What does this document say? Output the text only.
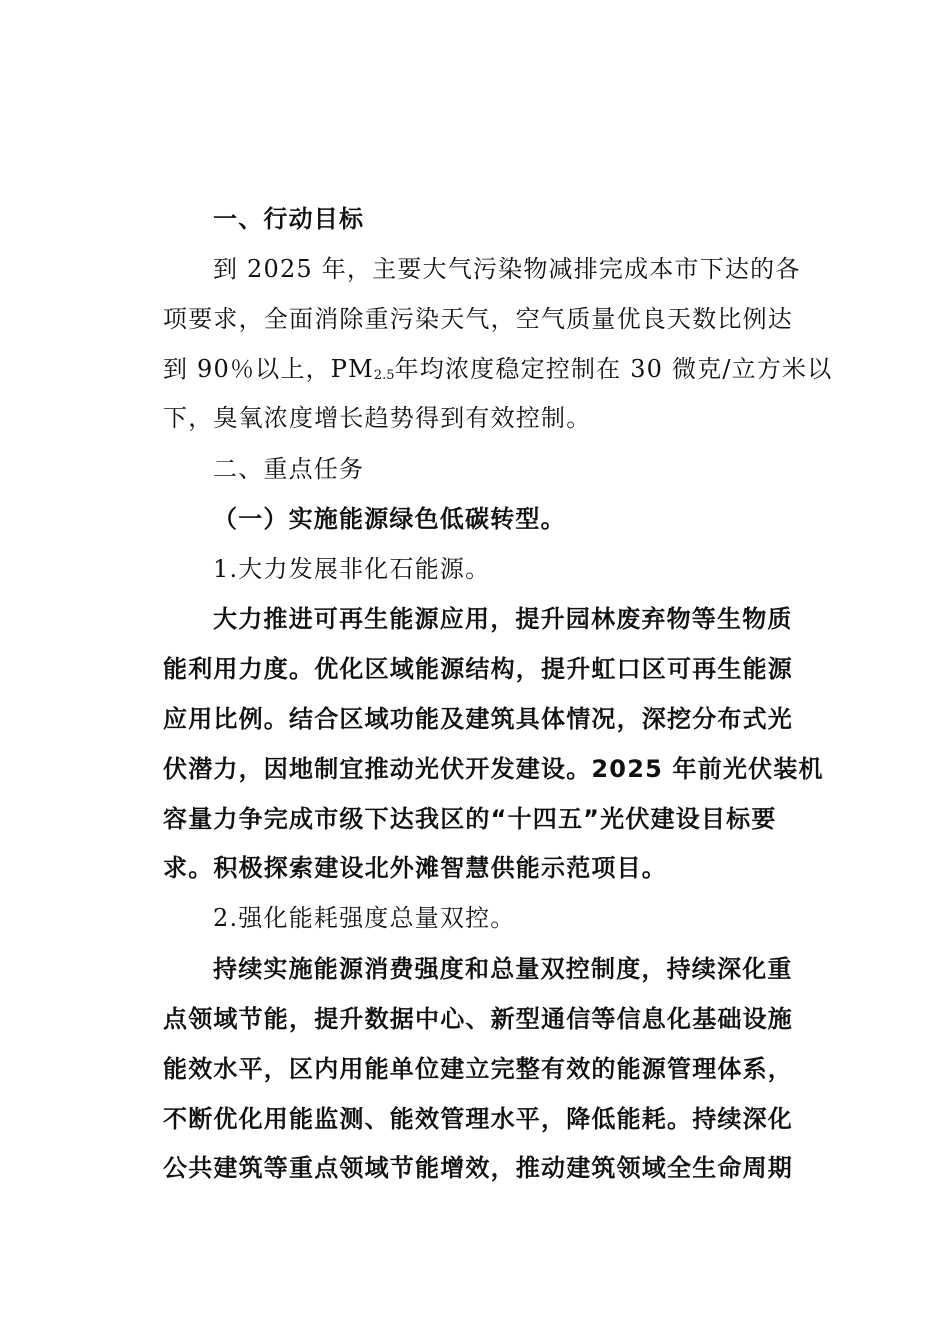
一、行动目标
到 2025 年，主要大气污染物减排完成本市下达的各
项要求，全面消除重污染天气，空气质量优良天数比例达
到 90％以上，PM2.5年均浓度稳定控制在 30 微克/立方米以
下，臭氧浓度增长趋势得到有效控制。
二、重点任务
（一）实施能源绿色低碳转型。
1.大力发展非化石能源。
大力推进可再生能源应用，提升园林废弃物等生物质
能利用力度。优化区域能源结构，提升虹口区可再生能源
应用比例。结合区域功能及建筑具体情况，深挖分布式光
伏潜力，因地制宜推动光伏开发建设。2025 年前光伏装机
容量力争完成市级下达我区的“十四五”光伏建设目标要
求。积极探索建设北外滩智慧供能示范项目。
2.强化能耗强度总量双控。
持续实施能源消费强度和总量双控制度，持续深化重
点领域节能，提升数据中心、新型通信等信息化基础设施
能效水平，区内用能单位建立完整有效的能源管理体系，
不断优化用能监测、能效管理水平，降低能耗。持续深化
公共建筑等重点领域节能增效，推动建筑领域全生命周期
